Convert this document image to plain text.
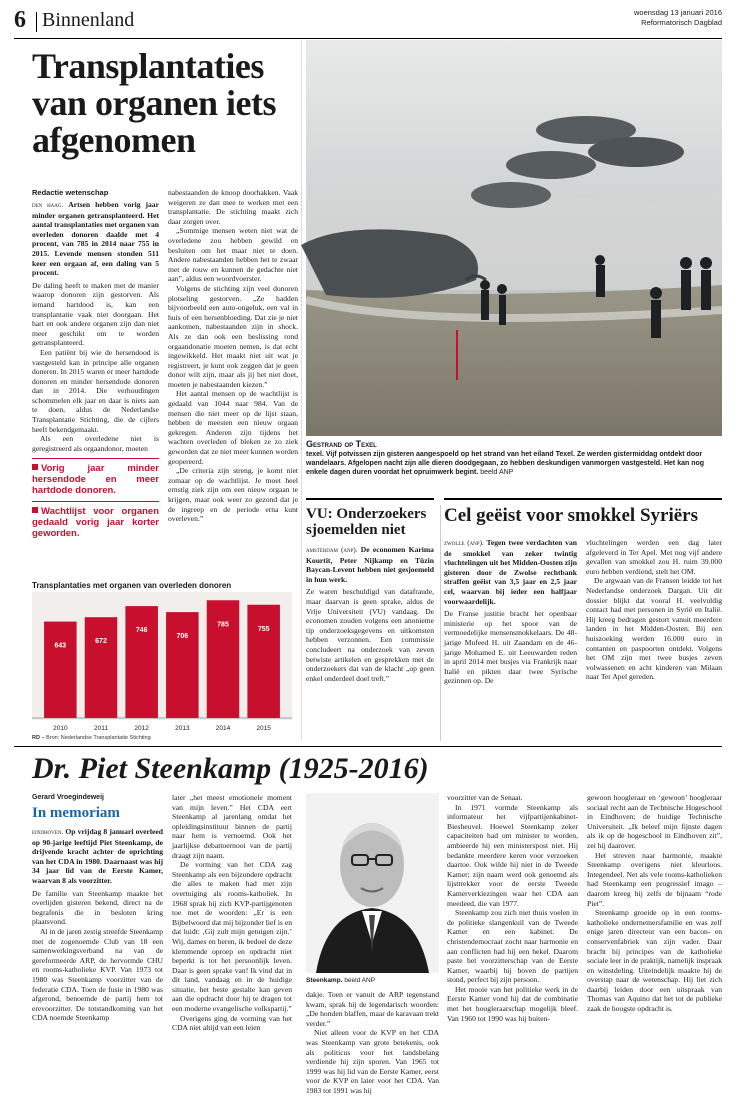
6 Binnenland	woensdag 13 januari 2016
Reformatorisch Dagblad
Transplantaties van organen iets afgenomen
Redactie wetenschap

den haag. Artsen hebben vorig jaar minder organen getransplanteerd. Het aantal transplantaties met organen van overleden donoren daalde met 4 procent, van 785 in 2014 naar 755 in 2015. Levende mensen stonden 511 keer een orgaan af, een daling van 5 procent.

De daling heeft te maken met de manier waarop donoren zijn gestorven. Als iemand hartdood is, kan een transplantatie vaak niet doorgaan. Het hart en ook andere organen zijn dan niet meer geschikt om te worden getransplanteerd.

Een patiënt bij wie de hersendood is vastgesteld kan in principe alle organen doneren. In 2015 waren er meer hartdode donoren en minder hersendode donoren dan in 2014. Die verhoudingen schommelen elk jaar en daar is niets aan te doen, aldus de Nederlandse Transplantatie Stichting, die de cijfers heeft bekendgemaakt.

Als een overledene niet is geregistreerd als orgaandonor, moeten

Vorig jaar minder hersendode en meer hartdode donoren.
Wachtlijst voor organen gedaald vorig jaar korter geworden.

nabestaanden de knoop doorhakken. Vaak weigeren ze dan mee te werken met een transplantatie. De stichting maakt zich daar zorgen over.

„Sommige mensen weten niet wat de overledene zou hebben gewild en besluiten om het maar niet te doen. Andere nabestaanden hebben het te zwaar met de rouw en kunnen de gedachte niet aan”, aldus een woordvoerster.

Volgens de stichting zijn veel donoren plotseling gestorven. „Ze hadden bijvoorbeeld een auto-ongeluk, een val in huis of een hersenbloeding. Dat zie je niet aankomen, nabestaanden zijn in shock. Als ze dan ook een beslissing rond orgaandonatie moeten nemen, is dat echt ingewikkeld. Het maakt niet uit wat je registreert, je kunt ook zeggen dat je geen donor wilt zijn, maar als jij het niet doet, moeten je nabestaanden kiezen.”

Het aantal mensen op de wachtlijst is gedaald van 1044 naar 984. Van de mensen die niet meer op de lijst staan, hebben de meesten een nieuw orgaan gekregen. Anderen zijn tijdens het wachten overleden of bleken ze zo ziek geworden dat ze niet meer kunnen worden geopereerd.

„De criteria zijn streng, je komt niet zomaar op de wachtlijst. Je moet heel ernstig ziek zijn om een nieuw orgaan te krijgen, maar ook weer zo gezond dat je de ingreep en de periode erna kunt overleven.”

Transplantaties met organen van overleden donoren
643
2010
672
2011
746
2012
706
2013
785
2014
755
2015
RD – Bron: Nederlandse Transplantatie Stichting
Gestrand op Texel
texel. Vijf potvissen zijn gisteren aangespoeld op het strand van het eiland Texel. Ze werden gistermiddag ontdekt door wandelaars. Afgelopen nacht zijn alle dieren doodgegaan, zo hebben deskundigen vanmorgen vastgesteld. Het kan nog enkele dagen duren voordat het opruimwerk begint. beeld ANP
VU: Onderzoekers sjoemelden niet

amsterdam (anp). De economen Karima Kourtit, Peter Nijkamp en Tüzin Baycan-Levent hebben niet gesjoemeld in hun werk.

Ze waren beschuldigd van datafraude, maar daarvan is geen sprake, aldus de Vrije Universiteit (VU) vandaag. De economen zouden volgens een anonieme tip onderzoeksgegevens en uitkomsten hebben verzonnen. Een commissie concludeert na onderzoek van zeven betwiste artikelen en gesprekken met de onderzoekers dat van de klacht „op geen enkel onderdeel doel treft.”

Cel geëist voor smokkel Syriërs

zwolle (anp). Tegen twee verdachten van de smokkel van zeker twintig vluchtelingen uit het Midden-Oosten zijn gisteren door de Zwolse rechtbank straffen geëist van 3,5 jaar en 2,5 jaar cel, waarvan bij ieder een halfjaar voorwaardelijk.

De Franse justitie bracht het openbaar ministerie op het spoor van de vermoedelijke mensensmokkelaars. De 48-jarige Mufeed H. uit Zaandam en de 46-jarige Mohamed E. uit Leeuwarden reden in april 2014 met busjes via Frankrijk naar Italië en pikten daar twee Syrische gezinnen op. De

vluchtelingen werden een dag later afgeleverd in Ter Apel. Met nog vijf andere gevallen van smokkel zou H. ruim 39.000 euro hebben verdiend, stelt het OM.

De argwaan van de Fransen leidde tot het Nederlandse onderzoek Dargan. Uit dit dossier blijkt dat vooral H. veelvuldig contact had met personen in Syrië en Italië. Hij kreeg bedragen gestort vanuit meerdere landen in het Midden-Oosten. Bij een huiszoeking werden 16.000 euro in contanten en paspoorten ontdekt. Volgens het OM zijn met twee busjes zeven volwassenen en acht kinderen van Milaan naar Ter Apel gereden.

Dr. Piet Steenkamp (1925-2016)
Gerard Vroegindeweij
In memoriam

eindhoven. Op vrijdag 8 januari overleed op 90-jarige leeftijd Piet Steenkamp, de drijvende kracht achter de oprichting van het CDA in 1980. Daarnaast was hij 34 jaar lid van de Eerste Kamer, waarvan 8 als voorzitter.

De familie van Steenkamp maakte het overlijden gisteren bekend, direct na de begrafenis die in besloten kring plaatsvond.

Al in de jaren zestig streefde Steenkamp met de zogenoemde Club van 18 een samenwerkingsverband na van de gereformeerde ARP, de hervormde CHU en rooms-katholieke KVP. Van 1973 tot 1980 was Steenkamp voorzitter van de federatie CDA. Toen de fusie in 1980 was afgerond, benoemde de partij hem tot erevoorzitter. De totstandkoming van het CDA noemde Steenkamp

later „het meest emotionele moment van mijn leven.” Het CDA eert Steenkamp al jarenlang omdat het opleidingsinstituut binnen de partij naar hem is vernoemd. Ook het jaarlijkse debattoernooi van de partij draagt zijn naam.

De vorming van het CDA zag Steenkamp als een bijzondere opdracht die alles te maken had met zijn overtuiging als rooms-katholiek. In 1968 sprak hij zich KVP-partijgenoten toe met de woorden: „Er is een Bijbelwoord dat mij bijzonder lief is en dat luidt: ‚Gij zult mijn getuigen zijn.’ Wij, dames en heren, ik bedoel de deze klemmende oproep en opdracht niet beperkt is tot het persoonlijk leven. Daar is geen sprake van! Ik vind dat in dit land, vandaag en in de huidige situatie, het beste gestalte kan geven aan die opdracht door hij te dragen tot een moderne evangelische volkspartij.”

Overigens ging de vorming van het CDA niet altijd van een leien

Steenkamp. beeld ANP

dakje. Toen er vanuit de ARP tegenstand kwam, sprak hij de legendarisch woorden: „De honden blaffen, maar de karavaan trekt verder.”

Niet alleen voor de KVP en het CDA was Steenkamp van grote betekenis, ook als politicus voor het landsbelang verdiende hij zijn sporen. Van 1965 tot 1999 was hij lid van de Eerste Kamer, eerst voor de KVP en later voor het CDA. Van 1983 tot 1991 was hij

voorzitter van de Senaat.

In 1971 vormde Steenkamp als informateur het vijfpartijenkabinet-Biesheuvel. Hoewel Steenkamp zeker capaciteiten had om minister te worden, ambieerde hij een ministerspost niet. Hij bedankte meerdere keren voor verzoeken daartoe. Ook wilde hij niet in de Tweede Kamer; zijn naam werd ook genoemd als lijsttrekker voor de eerste Tweede Kamerverkiezingen waar het CDA aan meedeed, die van 1977.

Steenkamp zou zich niet thuis voelen in de politieke slangenkuil van de Tweede Kamer en een kabinet. De christendemocraat zocht naar harmonie en aan conflicten had hij een hekel. Daarom paste het voorzitterschap van de Eerste Kamer, waarbij hij boven de partijen stond, perfect bij zijn persoon.

Het mooie van het politieke werk in de Eerste Kamer vond hij dat de combinatie met het hoogleraarschap mogelijk bleef. Van 1960 tot 1990 was hij buiten-

gewoon hoogleraar en ‘gewoon’ hoogleraar sociaal recht aan de Technische Hogeschool in Eindhoven; de huidige Technische Universiteit. „Ik beleef mijn fijnste dagen als ik op de hogeschool in Eindhoven zit”, zei hij daarover.

Het streven naar harmonie, maakte Steenkamp overigens niet kleurloos. Integendeel. Net als vele rooms-katholieken had Steenkamp een progressief imago –daarom kreeg hij zelfs de bijnaam “rode Piet”.

Steenkamp groeide op in een rooms-katholieke ondernemersfamilie en was zelf enige jaren directeur van een bacon- en conservenfabriek van zijn vader. Daar bracht hij principes van de katholieke sociale leer in de praktijk, namelijk inspraak en winstdeling. Uiteindelijk maakte hij de overstap naar de wetenschap. Hij liet zich daarbij leiden door een uitspraak van Thomas van Aquino dat het tot de publieke zaak de hoogste opdracht is.
